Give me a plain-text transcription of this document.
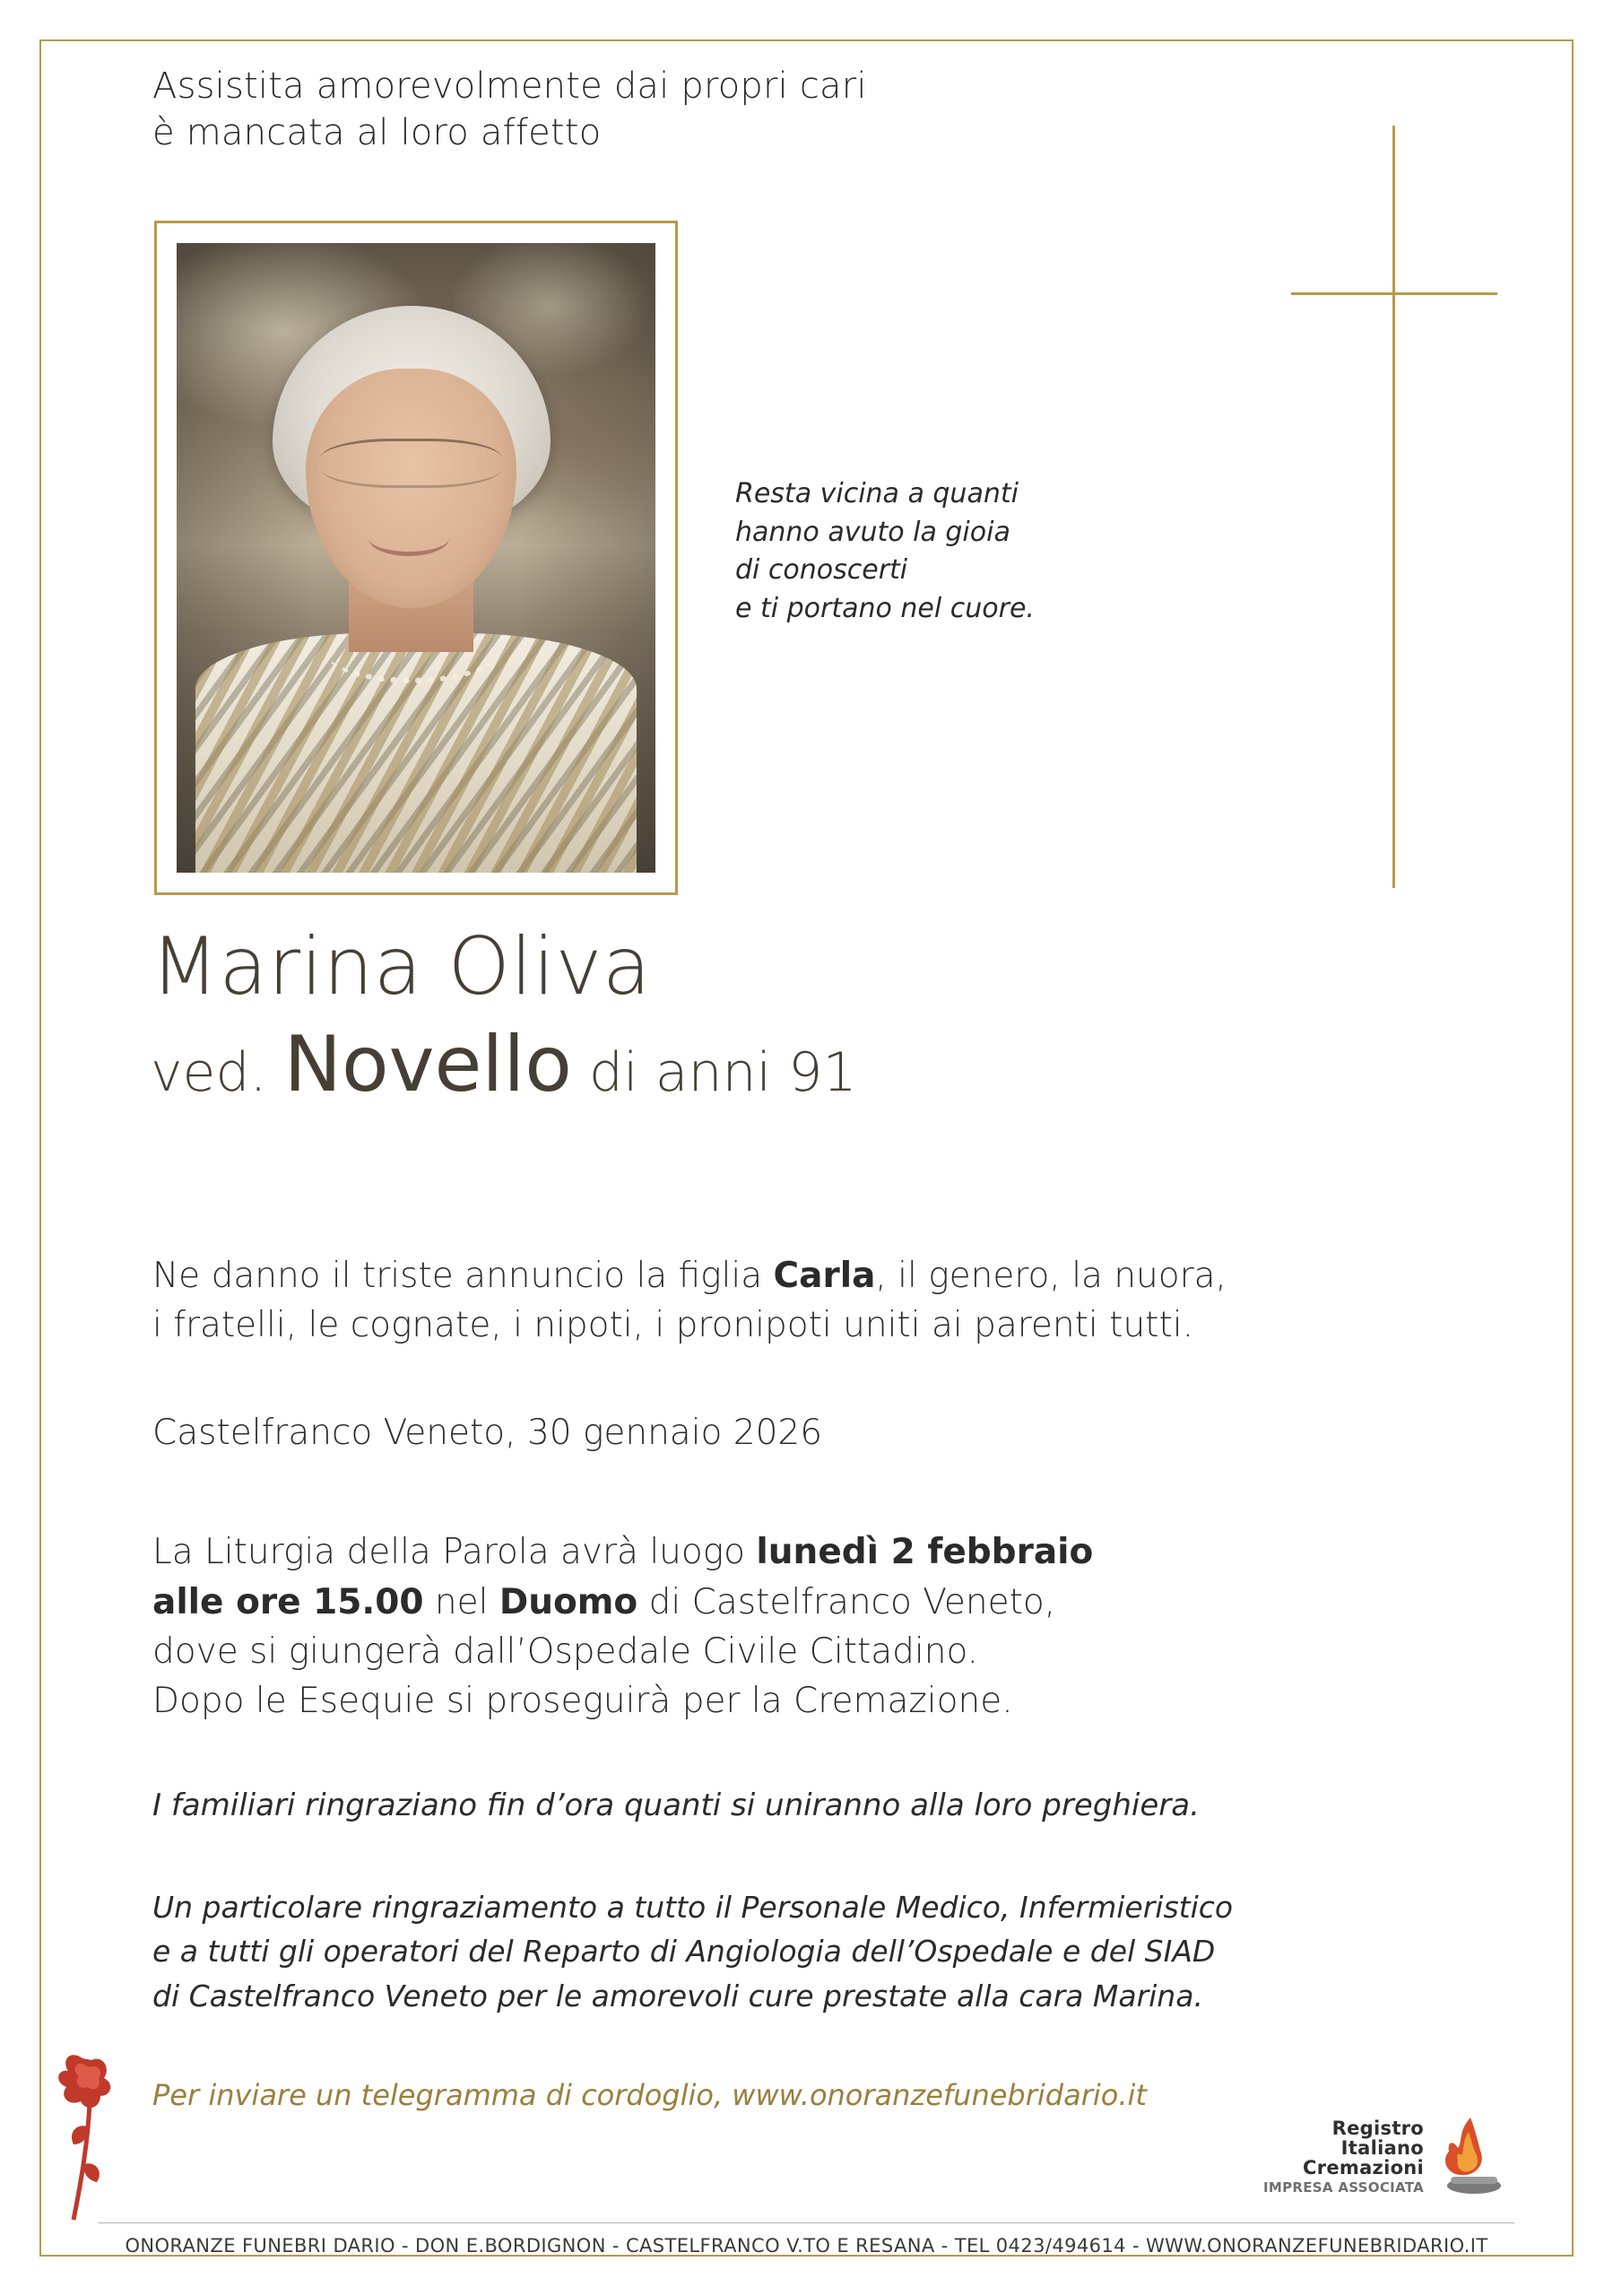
Assistita amorevolmente dai propri cari
è mancata al loro affetto
Resta vicina a quanti
hanno avuto la gioia
di conoscerti
e ti portano nel cuore.
Marina Oliva
ved. Novello di anni 91
Ne danno il triste annuncio la figlia Carla, il genero, la nuora,
i fratelli, le cognate, i nipoti, i pronipoti uniti ai parenti tutti.
Castelfranco Veneto, 30 gennaio 2026
La Liturgia della Parola avrà luogo lunedì 2 febbraio
alle ore 15.00 nel Duomo di Castelfranco Veneto,
dove si giungerà dall’Ospedale Civile Cittadino.
Dopo le Esequie si proseguirà per la Cremazione.
I familiari ringraziano fin d’ora quanti si uniranno alla loro preghiera.
Un particolare ringraziamento a tutto il Personale Medico, Infermieristico
e a tutti gli operatori del Reparto di Angiologia dell’Ospedale e del SIAD
di Castelfranco Veneto per le amorevoli cure prestate alla cara Marina.
Per inviare un telegramma di cordoglio, www.onoranzefunebridario.it
Registro
Italiano
Cremazioni
IMPRESA ASSOCIATA
ONORANZE FUNEBRI DARIO - DON E.BORDIGNON - CASTELFRANCO V.TO E RESANA - TEL 0423/494614 - WWW.ONORANZEFUNEBRIDARIO.IT
